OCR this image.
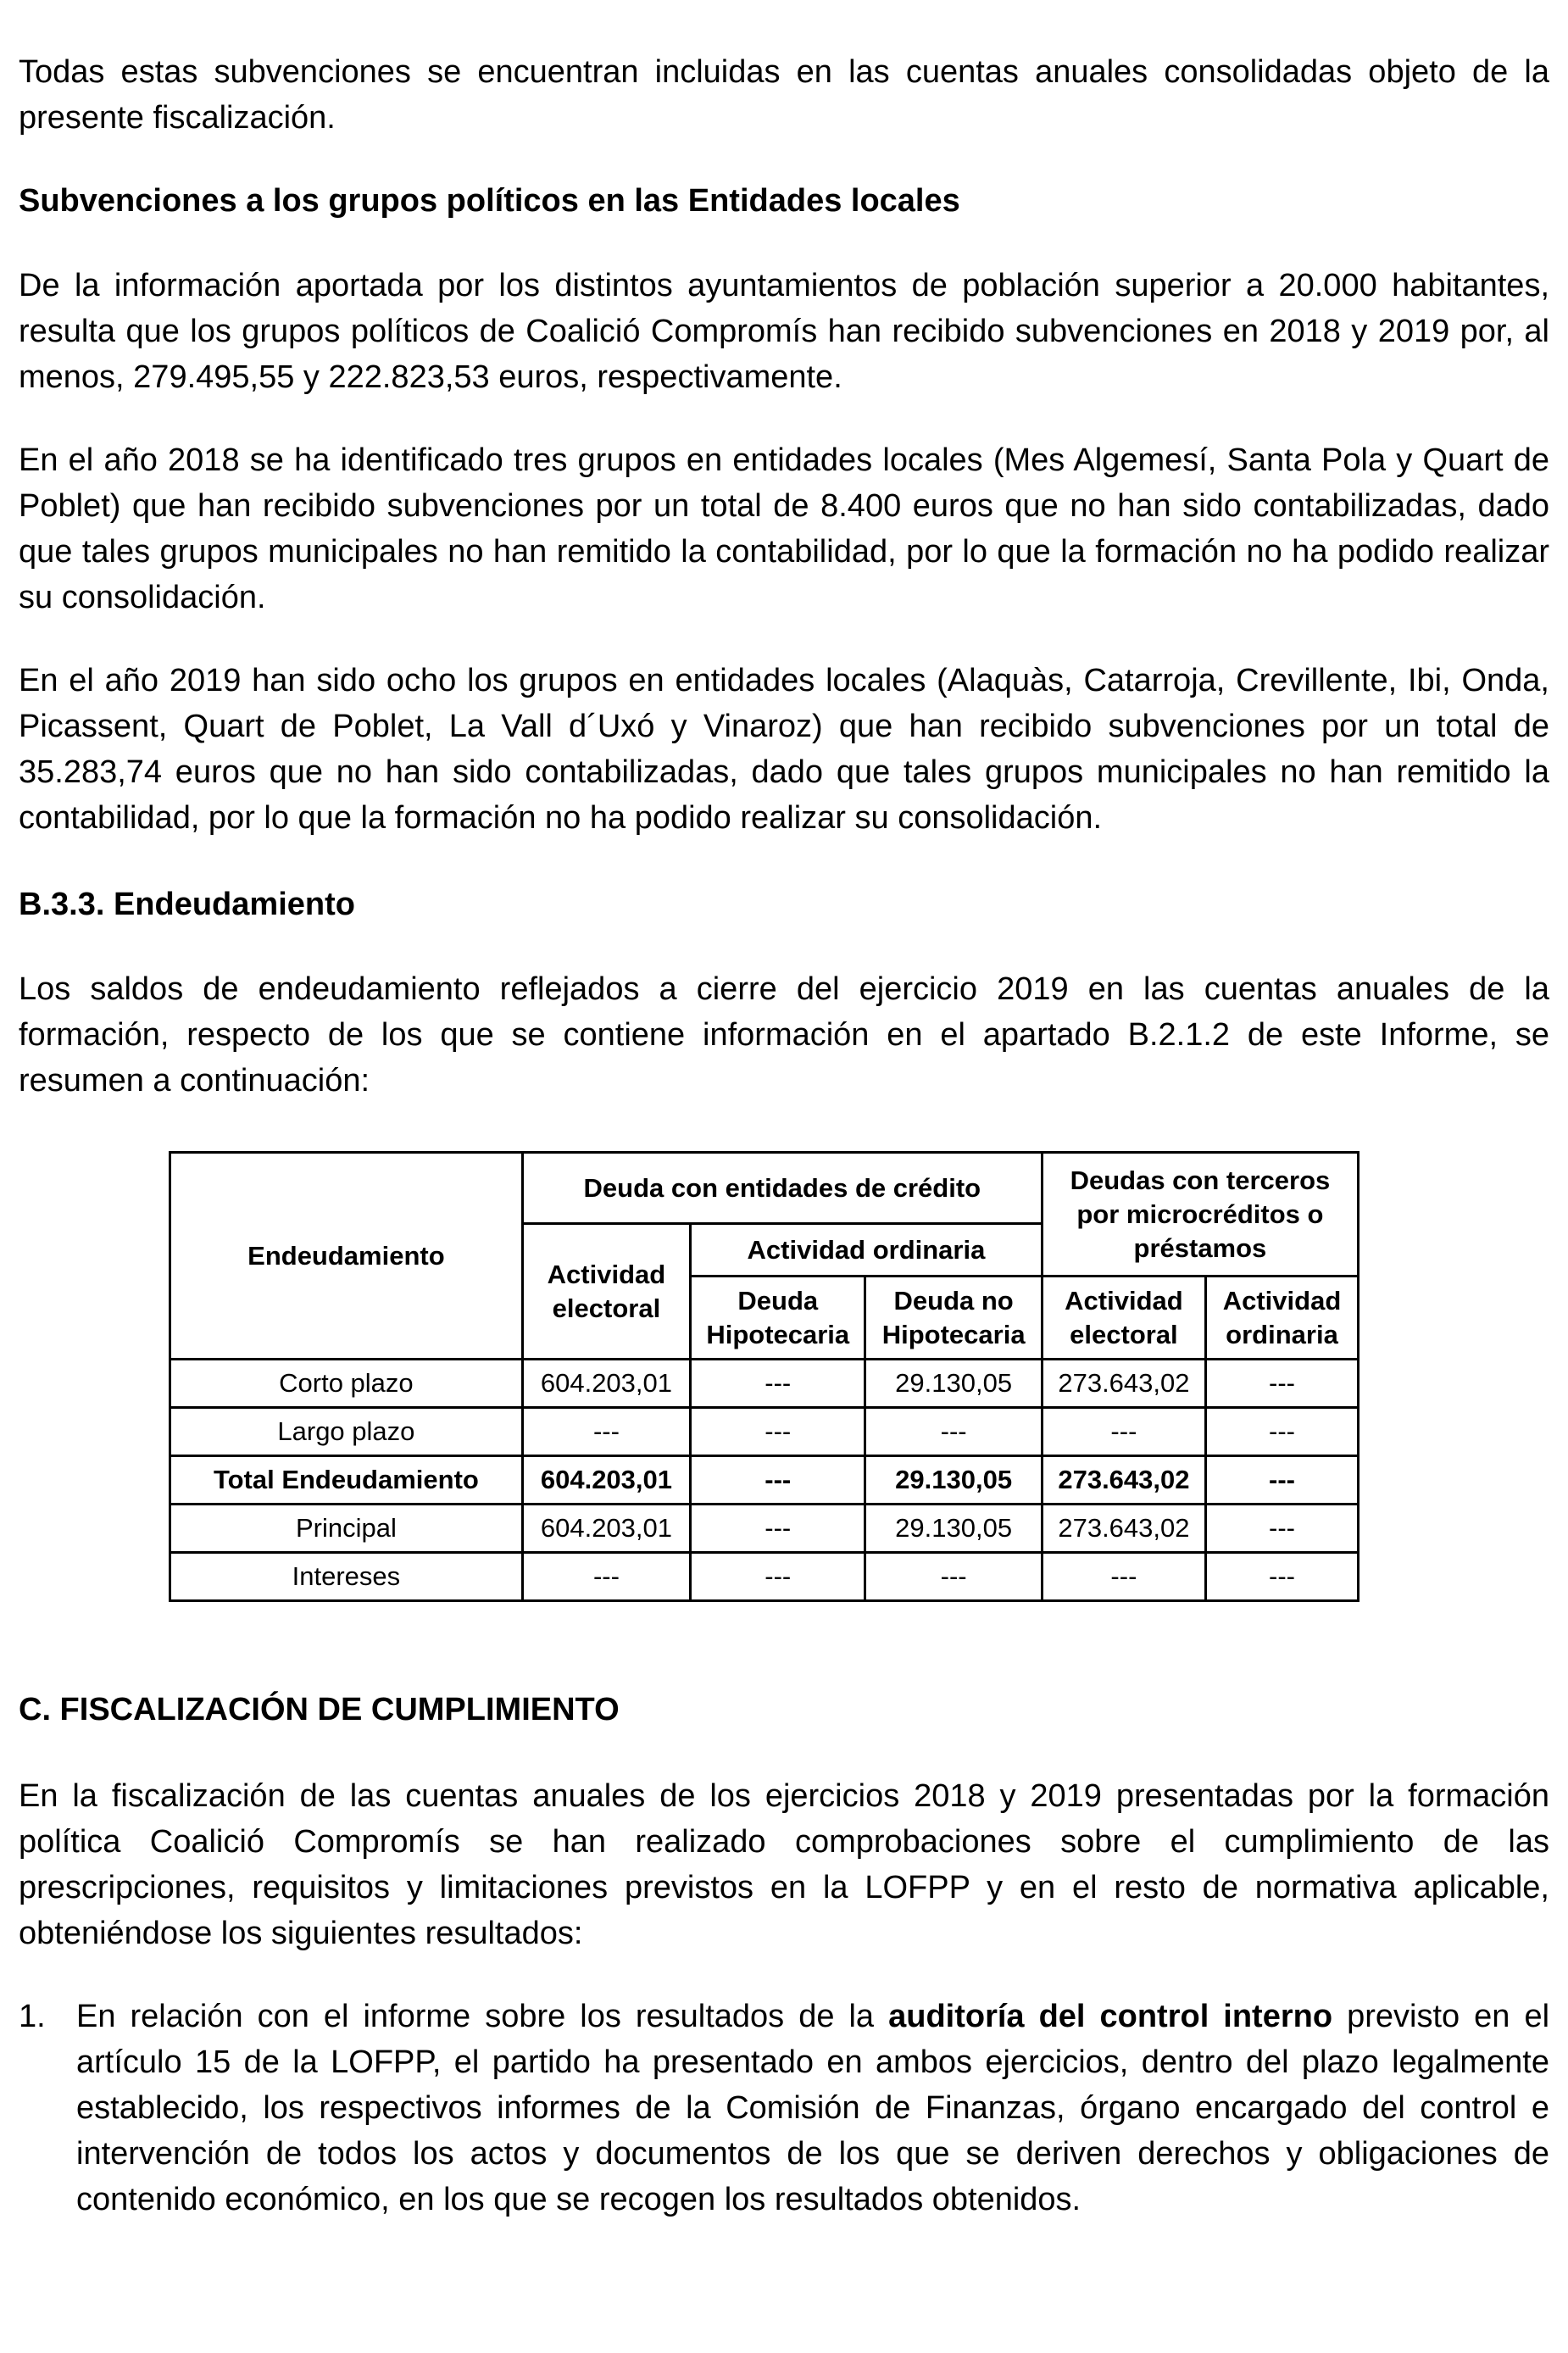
Todas estas subvenciones se encuentran incluidas en las cuentas anuales consolidadas objeto de la presente fiscalización.

Subvenciones a los grupos políticos en las Entidades locales

De la información aportada por los distintos ayuntamientos de población superior a 20.000 habitantes, resulta que los grupos políticos de Coalició Compromís han recibido subvenciones en 2018 y 2019 por, al menos, 279.495,55 y 222.823,53 euros, respectivamente.

En el año 2018 se ha identificado tres grupos en entidades locales (Mes Algemesí, Santa Pola y Quart de Poblet) que han recibido subvenciones por un total de 8.400 euros que no han sido contabilizadas, dado que tales grupos municipales no han remitido la contabilidad, por lo que la formación no ha podido realizar su consolidación.

En el año 2019 han sido ocho los grupos en entidades locales (Alaquàs, Catarroja, Crevillente, Ibi, Onda, Picassent, Quart de Poblet, La Vall d´Uxó y Vinaroz) que han recibido subvenciones por un total de 35.283,74 euros que no han sido contabilizadas, dado que tales grupos municipales no han remitido la contabilidad, por lo que la formación no ha podido realizar su consolidación.

B.3.3. Endeudamiento

Los saldos de endeudamiento reflejados a cierre del ejercicio 2019 en las cuentas anuales de la formación, respecto de los que se contiene información en el apartado B.2.1.2 de este Informe, se resumen a continuación:

C. FISCALIZACIÓN DE CUMPLIMIENTO

En la fiscalización de las cuentas anuales de los ejercicios 2018 y 2019 presentadas por la formación política Coalició Compromís se han realizado comprobaciones sobre el cumplimiento de las prescripciones, requisitos y limitaciones previstos en la LOFPP y en el resto de normativa aplicable, obteniéndose los siguientes resultados:

1. En relación con el informe sobre los resultados de la auditoría del control interno previsto en el artículo 15 de la LOFPP, el partido ha presentado en ambos ejercicios, dentro del plazo legalmente establecido, los respectivos informes de la Comisión de Finanzas, órgano encargado del control e intervención de todos los actos y documentos de los que se deriven derechos y obligaciones de contenido económico, en los que se recogen los resultados obtenidos.

Endeudamiento	Deuda con entidades de crédito			Deudas con terceros por microcréditos o préstamos	
	Actividad electoral	Actividad ordinaria			
		Deuda Hipotecaria	Deuda no Hipotecaria	Actividad electoral	Actividad ordinaria
Corto plazo	604.203,01	---	29.130,05	273.643,02	---
Largo plazo	---	---	---	---	---
Total Endeudamiento	604.203,01	---	29.130,05	273.643,02	---
Principal	604.203,01	---	29.130,05	273.643,02	---
Intereses	---	---	---	---	---
